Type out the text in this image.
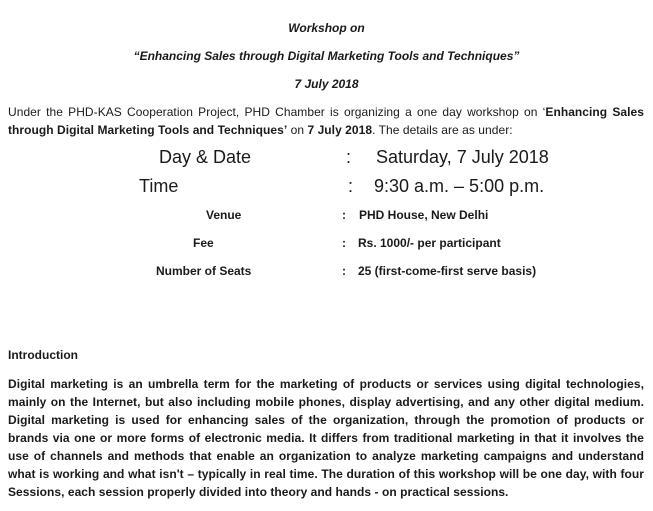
Workshop on
“Enhancing Sales through Digital Marketing Tools and Techniques”
7 July 2018
Under the PHD-KAS Cooperation Project, PHD Chamber is organizing a one day workshop on ‘Enhancing Sales through Digital Marketing Tools and Techniques’ on 7 July 2018. The details are as under:
Day & Date	: Saturday, 7 July 2018
Time	: 9:30 a.m. – 5:00 p.m.
Venue	: PHD House, New Delhi
Fee	: Rs. 1000/- per participant
Number of Seats	: 25 (first-come-first serve basis)
Introduction
Digital marketing is an umbrella term for the marketing of products or services using digital technologies, mainly on the Internet, but also including mobile phones, display advertising, and any other digital medium. Digital marketing is used for enhancing sales of the organization, through the promotion of products or brands via one or more forms of electronic media. It differs from traditional marketing in that it involves the use of channels and methods that enable an organization to analyze marketing campaigns and understand what is working and what isn't – typically in real time. The duration of this workshop will be one day, with four Sessions, each session properly divided into theory and hands - on practical sessions.
